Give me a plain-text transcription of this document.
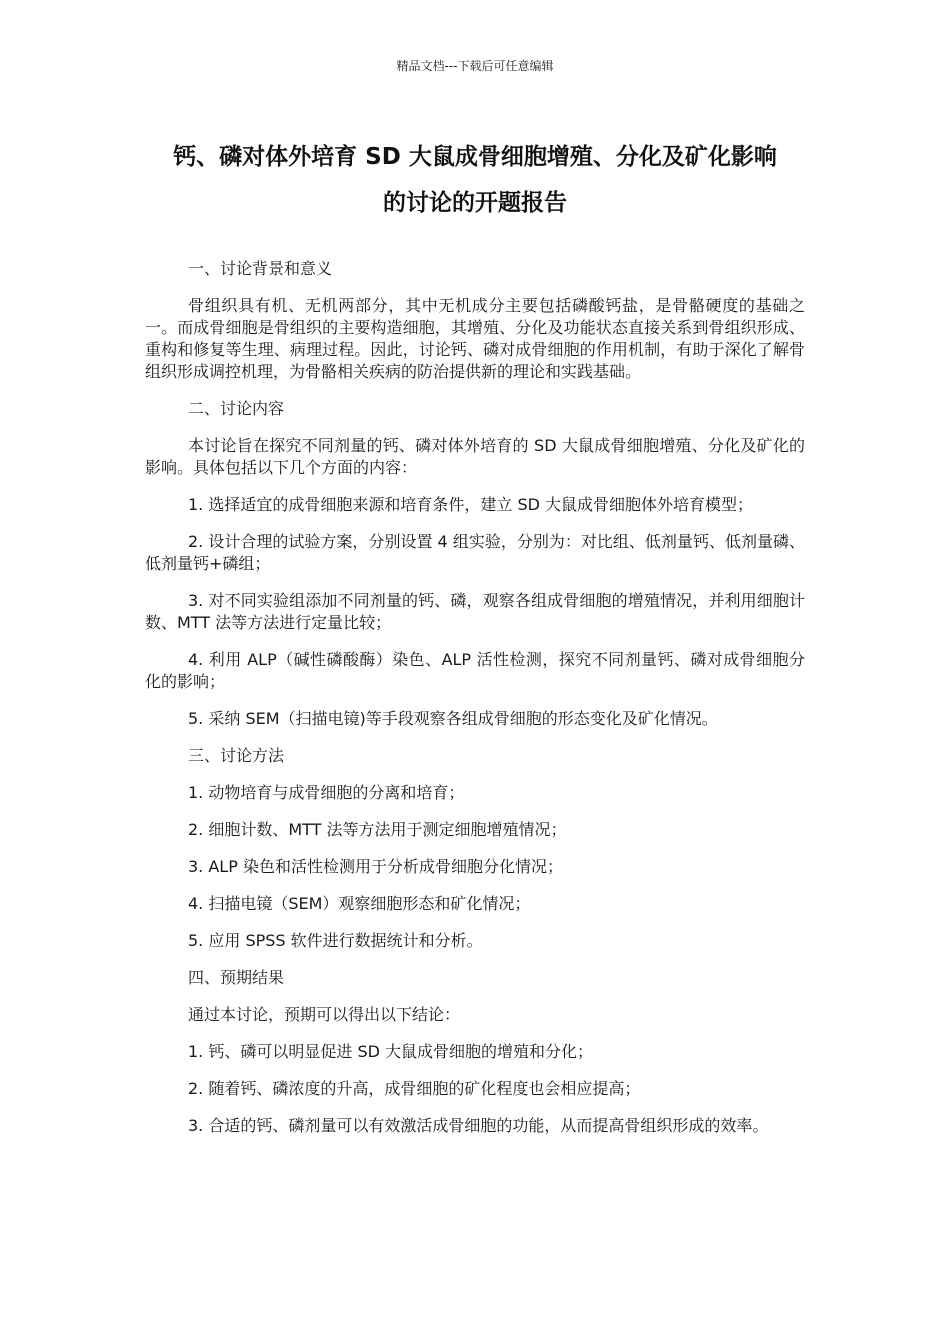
精品文档---下载后可任意编辑
钙、磷对体外培育 SD 大鼠成骨细胞增殖、分化及矿化影响
的讨论的开题报告

一、讨论背景和意义

骨组织具有机、无机两部分，其中无机成分主要包括磷酸钙盐，是骨骼硬度的基础之一。而成骨细胞是骨组织的主要构造细胞，其增殖、分化及功能状态直接关系到骨组织形成、重构和修复等生理、病理过程。因此，讨论钙、磷对成骨细胞的作用机制，有助于深化了解骨组织形成调控机理，为骨骼相关疾病的防治提供新的理论和实践基础。

二、讨论内容

本讨论旨在探究不同剂量的钙、磷对体外培育的 SD 大鼠成骨细胞增殖、分化及矿化的影响。具体包括以下几个方面的内容：

1. 选择适宜的成骨细胞来源和培育条件，建立 SD 大鼠成骨细胞体外培育模型；

2. 设计合理的试验方案，分别设置 4 组实验，分别为：对比组、低剂量钙、低剂量磷、低剂量钙+磷组；

3. 对不同实验组添加不同剂量的钙、磷，观察各组成骨细胞的增殖情况，并利用细胞计数、MTT 法等方法进行定量比较；

4. 利用 ALP（碱性磷酸酶）染色、ALP 活性检测，探究不同剂量钙、磷对成骨细胞分化的影响；

5. 采纳 SEM（扫描电镜)等手段观察各组成骨细胞的形态变化及矿化情况。

三、讨论方法

1. 动物培育与成骨细胞的分离和培育；

2. 细胞计数、MTT 法等方法用于测定细胞增殖情况；

3. ALP 染色和活性检测用于分析成骨细胞分化情况；

4. 扫描电镜（SEM）观察细胞形态和矿化情况；

5. 应用 SPSS 软件进行数据统计和分析。

四、预期结果

通过本讨论，预期可以得出以下结论：

1. 钙、磷可以明显促进 SD 大鼠成骨细胞的增殖和分化；

2. 随着钙、磷浓度的升高，成骨细胞的矿化程度也会相应提高；

3. 合适的钙、磷剂量可以有效激活成骨细胞的功能，从而提高骨组织形成的效率。
